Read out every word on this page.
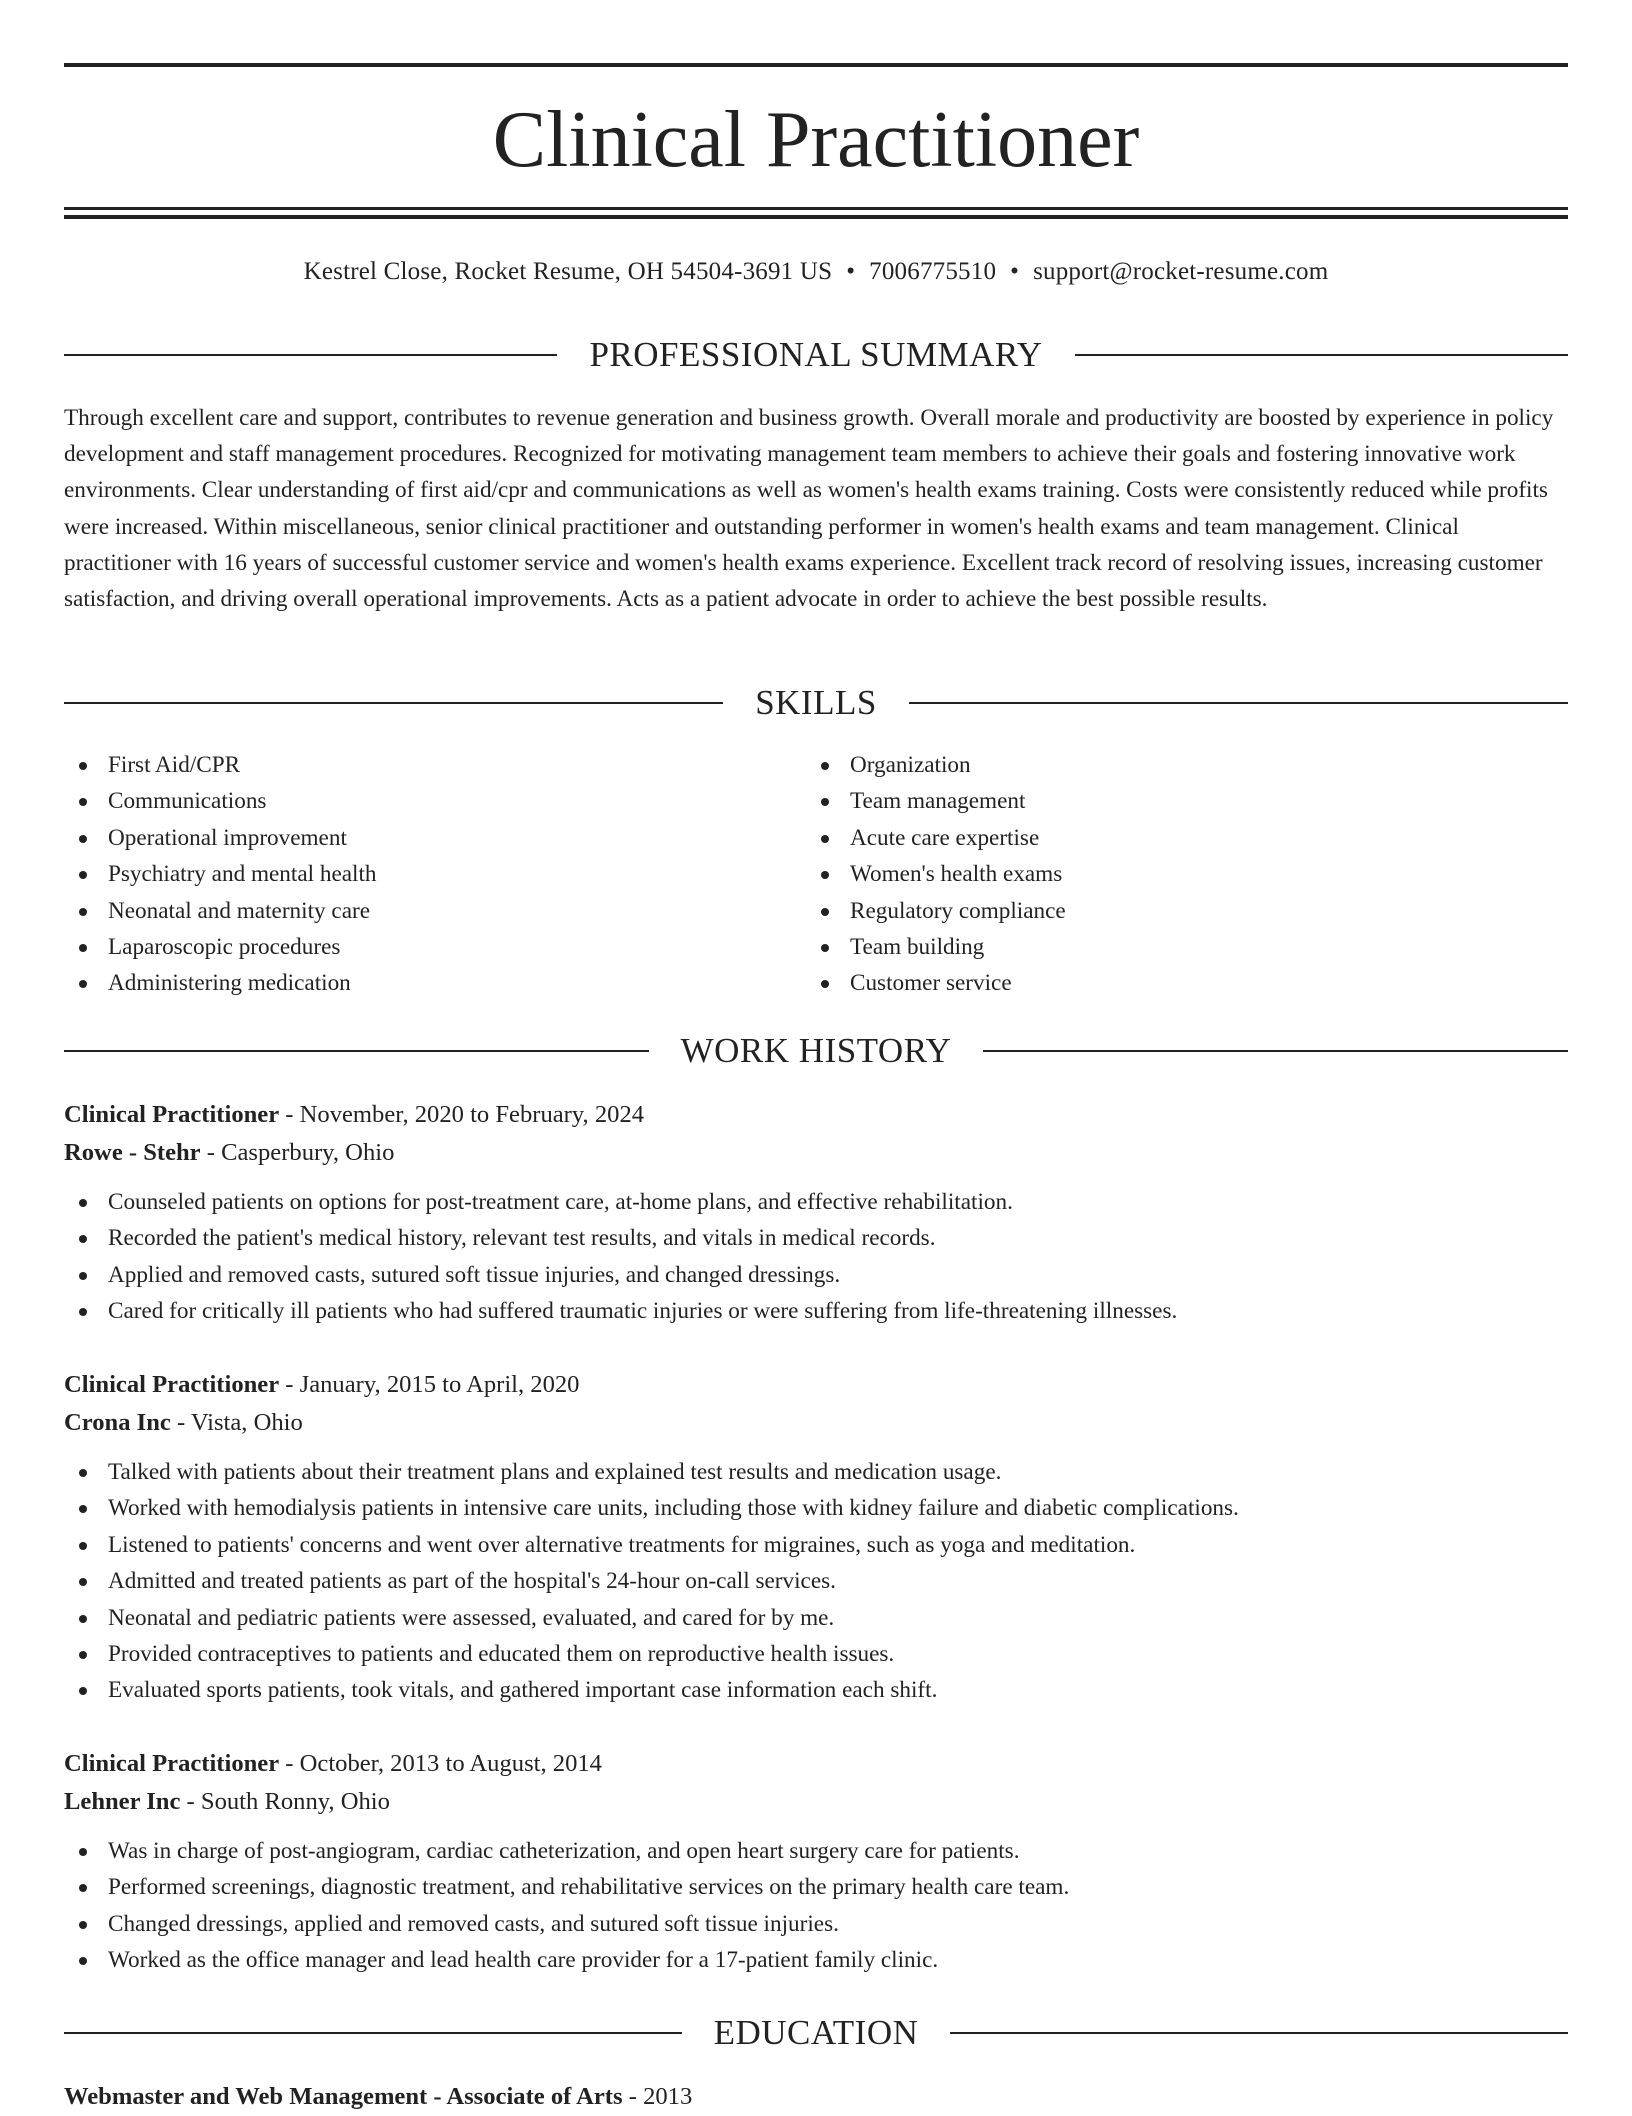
Clinical Practitioner
Kestrel Close, Rocket Resume, OH 54504-3691 US • 7006775510 • support@rocket-resume.com
PROFESSIONAL SUMMARY

Through excellent care and support, contributes to revenue generation and business growth. Overall morale and productivity are boosted by experience in policy development and staff management procedures. Recognized for motivating management team members to achieve their goals and fostering innovative work environments. Clear understanding of first aid/cpr and communications as well as women's health exams training. Costs were consistently reduced while profits were increased. Within miscellaneous, senior clinical practitioner and outstanding performer in women's health exams and team management. Clinical practitioner with 16 years of successful customer service and women's health exams experience. Excellent track record of resolving issues, increasing customer satisfaction, and driving overall operational improvements. Acts as a patient advocate in order to achieve the best possible results.

SKILLS
First Aid/CPR
Communications
Operational improvement
Psychiatry and mental health
Neonatal and maternity care
Laparoscopic procedures
Administering medication
Organization
Team management
Acute care expertise
Women's health exams
Regulatory compliance
Team building
Customer service
WORK HISTORY
Clinical Practitioner - November, 2020 to February, 2024
Rowe - Stehr - Casperbury, Ohio
Counseled patients on options for post-treatment care, at-home plans, and effective rehabilitation.
Recorded the patient's medical history, relevant test results, and vitals in medical records.
Applied and removed casts, sutured soft tissue injuries, and changed dressings.
Cared for critically ill patients who had suffered traumatic injuries or were suffering from life-threatening illnesses.
Clinical Practitioner - January, 2015 to April, 2020
Crona Inc - Vista, Ohio
Talked with patients about their treatment plans and explained test results and medication usage.
Worked with hemodialysis patients in intensive care units, including those with kidney failure and diabetic complications.
Listened to patients' concerns and went over alternative treatments for migraines, such as yoga and meditation.
Admitted and treated patients as part of the hospital's 24-hour on-call services.
Neonatal and pediatric patients were assessed, evaluated, and cared for by me.
Provided contraceptives to patients and educated them on reproductive health issues.
Evaluated sports patients, took vitals, and gathered important case information each shift.
Clinical Practitioner - October, 2013 to August, 2014
Lehner Inc - South Ronny, Ohio
Was in charge of post-angiogram, cardiac catheterization, and open heart surgery care for patients.
Performed screenings, diagnostic treatment, and rehabilitative services on the primary health care team.
Changed dressings, applied and removed casts, and sutured soft tissue injuries.
Worked as the office manager and lead health care provider for a 17-patient family clinic.
EDUCATION
Webmaster and Web Management - Associate of Arts - 2013
